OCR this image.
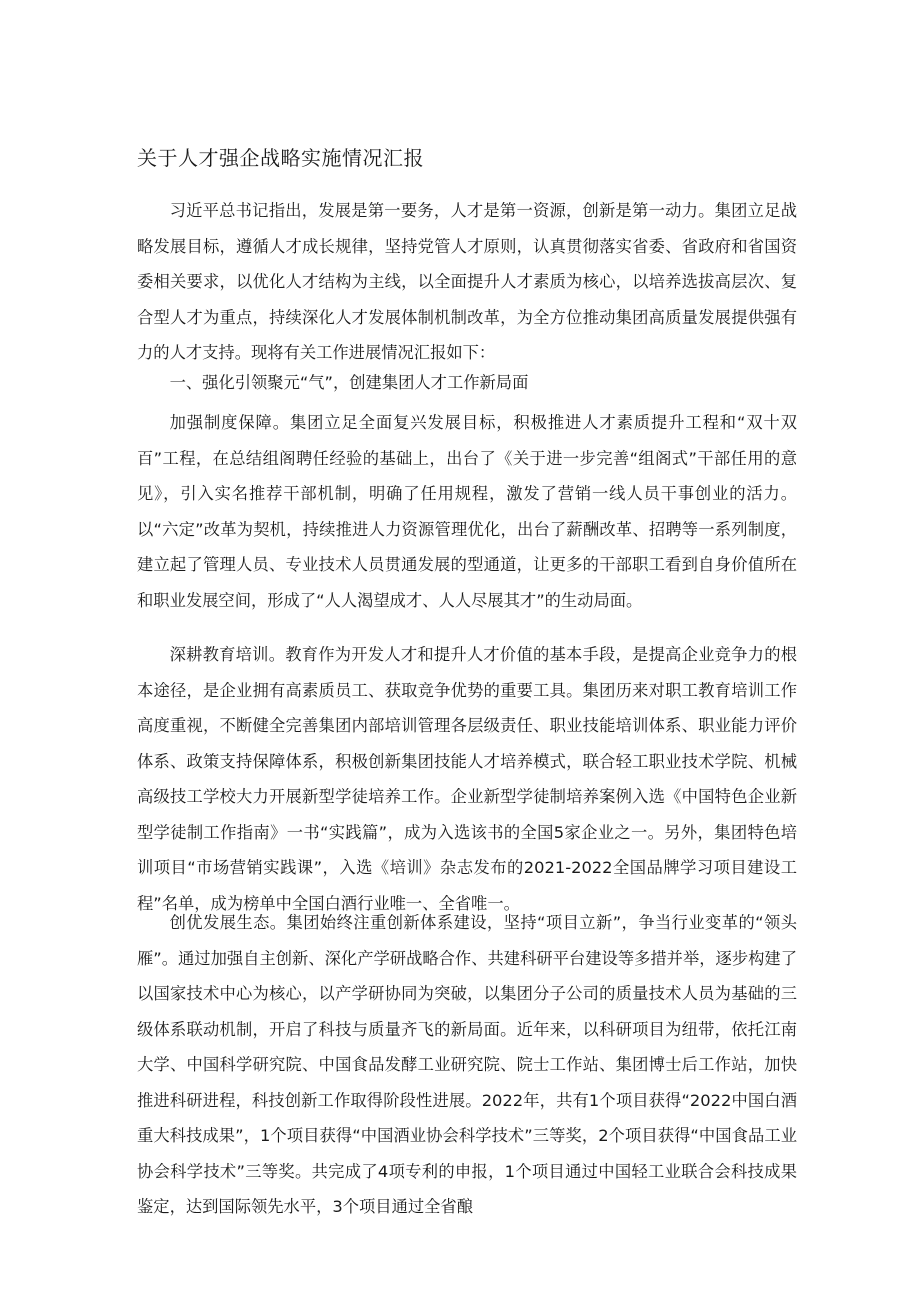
关于人才强企战略实施情况汇报

习近平总书记指出，发展是第一要务，人才是第一资源，创新是第一动力。集团立足战略发展目标，遵循人才成长规律，坚持党管人才原则，认真贯彻落实省委、省政府和省国资委相关要求，以优化人才结构为主线，以全面提升人才素质为核心，以培养选拔高层次、复合型人才为重点，持续深化人才发展体制机制改革，为全方位推动集团高质量发展提供强有力的人才支持。现将有关工作进展情况汇报如下：

一、强化引领聚元“气”，创建集团人才工作新局面

加强制度保障。集团立足全面复兴发展目标，积极推进人才素质提升工程和“双十双百”工程，在总结组阁聘任经验的基础上，出台了《关于进一步完善“组阁式”干部任用的意见》，引入实名推荐干部机制，明确了任用规程，激发了营销一线人员干事创业的活力。以“六定”改革为契机，持续推进人力资源管理优化，出台了薪酬改革、招聘等一系列制度，建立起了管理人员、专业技术人员贯通发展的型通道，让更多的干部职工看到自身价值所在和职业发展空间，形成了“人人渴望成才、人人尽展其才”的生动局面。

深耕教育培训。教育作为开发人才和提升人才价值的基本手段，是提高企业竞争力的根本途径，是企业拥有高素质员工、获取竞争优势的重要工具。集团历来对职工教育培训工作高度重视，不断健全完善集团内部培训管理各层级责任、职业技能培训体系、职业能力评价体系、政策支持保障体系，积极创新集团技能人才培养模式，联合轻工职业技术学院、机械高级技工学校大力开展新型学徒培养工作。企业新型学徒制培养案例入选《中国特色企业新型学徒制工作指南》一书“实践篇”，成为入选该书的全国5家企业之一。另外，集团特色培训项目“市场营销实践课”，入选《培训》杂志发布的2021-2022全国品牌学习项目建设工程”名单，成为榜单中全国白酒行业唯一、全省唯一。

创优发展生态。集团始终注重创新体系建设，坚持“项目立新”，争当行业变革的“领头雁”。通过加强自主创新、深化产学研战略合作、共建科研平台建设等多措并举，逐步构建了以国家技术中心为核心，以产学研协同为突破，以集团分子公司的质量技术人员为基础的三级体系联动机制，开启了科技与质量齐飞的新局面。近年来，以科研项目为纽带，依托江南大学、中国科学研究院、中国食品发酵工业研究院、院士工作站、集团博士后工作站，加快推进科研进程，科技创新工作取得阶段性进展。2022年，共有1个项目获得“2022中国白酒重大科技成果”，1个项目获得“中国酒业协会科学技术”三等奖，2个项目获得“中国食品工业协会科学技术”三等奖。共完成了4项专利的申报，1个项目通过中国轻工业联合会科技成果鉴定，达到国际领先水平，3个项目通过全省酿
